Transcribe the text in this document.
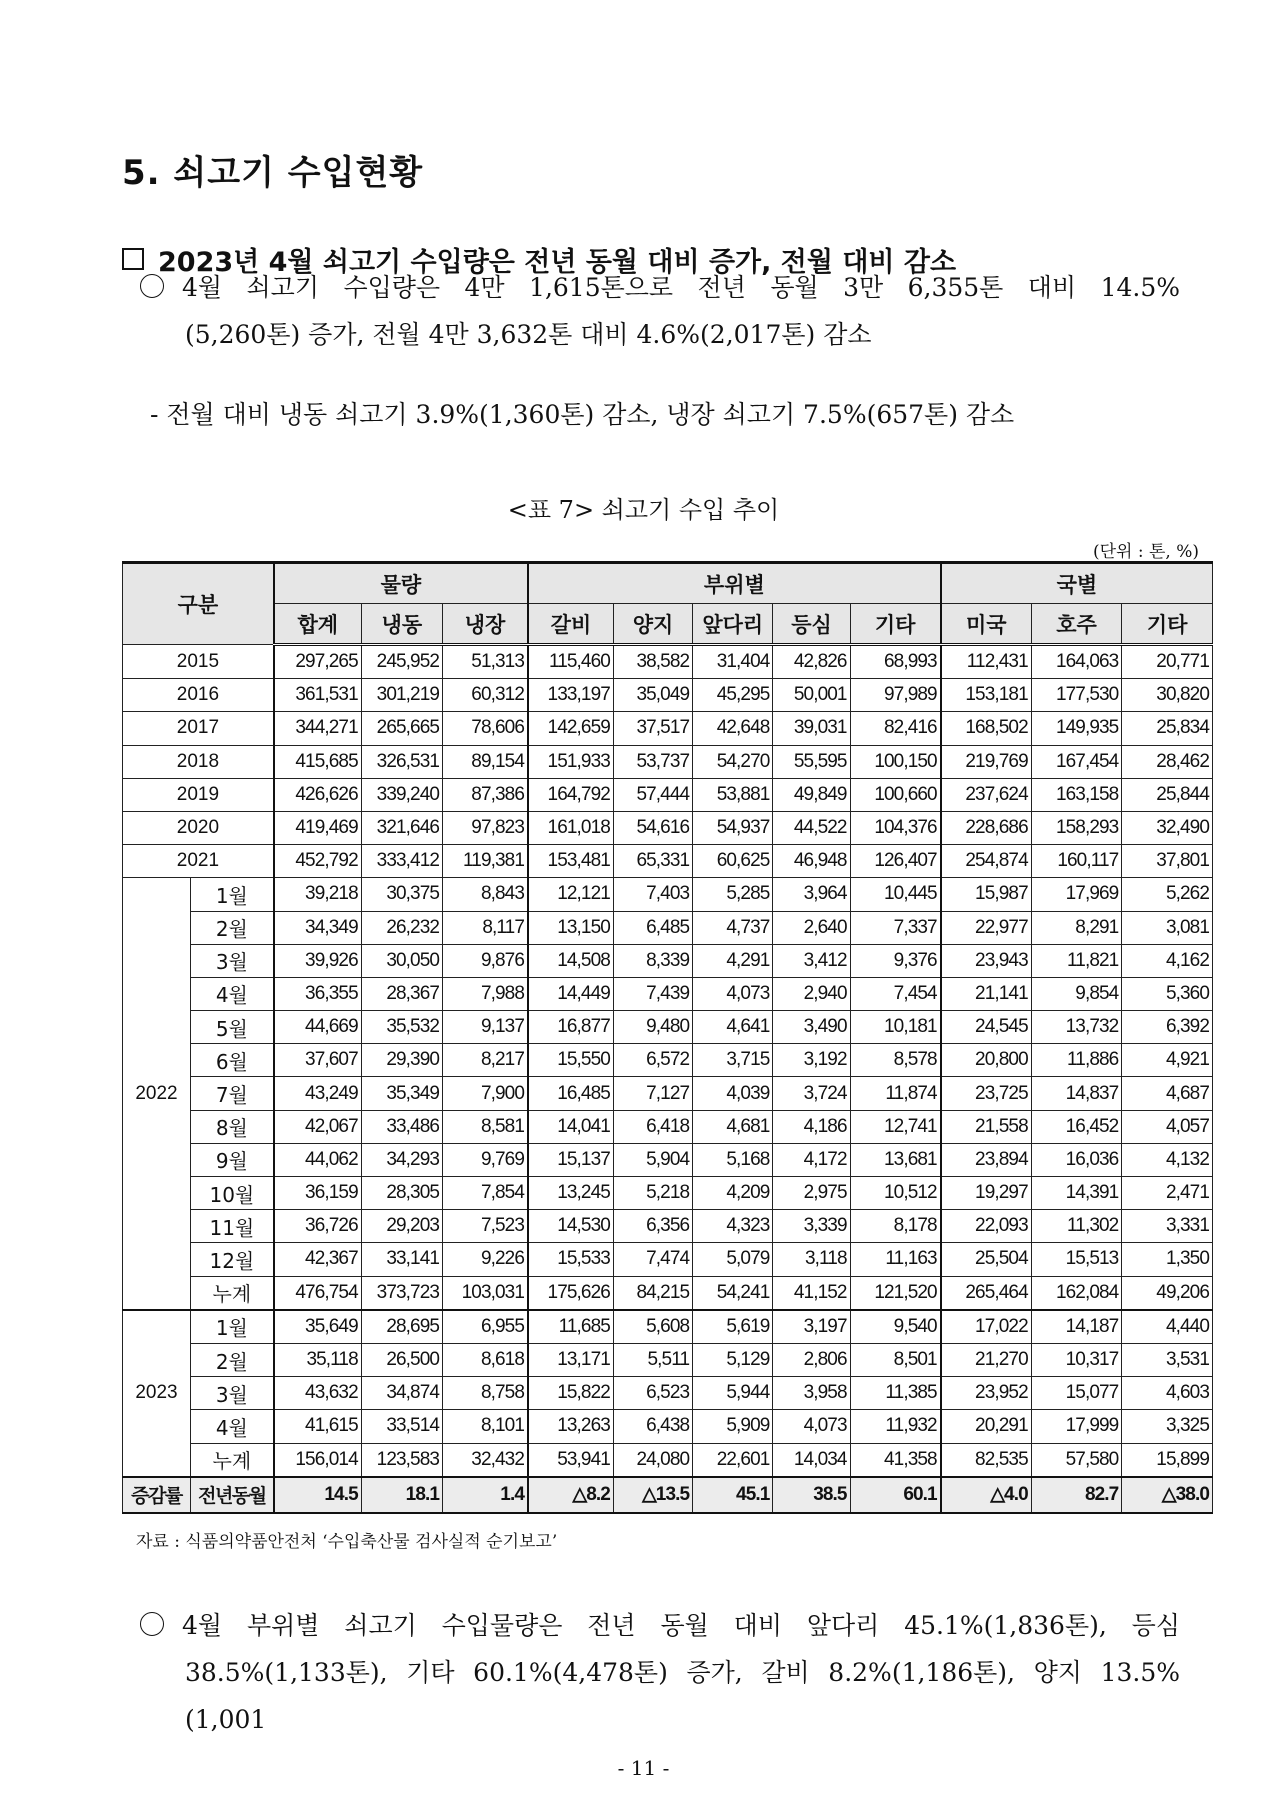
5. 쇠고기 수입현황
2023년 4월 쇠고기 수입량은 전년 동월 대비 증가, 전월 대비 감소
4월 쇠고기 수입량은 4만 1,615톤으로 전년 동월 3만 6,355톤 대비 14.5%
(5,260톤) 증가, 전월 4만 3,632톤 대비 4.6%(2,017톤) 감소
- 전월 대비 냉동 쇠고기 3.9%(1,360톤) 감소, 냉장 쇠고기 7.5%(657톤) 감소
<표 7> 쇠고기 수입 추이
(단위 : 톤, %)
구분		물량			부위별					국별		
		합계	냉동	냉장	갈비	양지	앞다리	등심	기타	미국	호주	기타
2015		297,265	245,952	51,313	115,460	38,582	31,404	42,826	68,993	112,431	164,063	20,771
2016		361,531	301,219	60,312	133,197	35,049	45,295	50,001	97,989	153,181	177,530	30,820
2017		344,271	265,665	78,606	142,659	37,517	42,648	39,031	82,416	168,502	149,935	25,834
2018		415,685	326,531	89,154	151,933	53,737	54,270	55,595	100,150	219,769	167,454	28,462
2019		426,626	339,240	87,386	164,792	57,444	53,881	49,849	100,660	237,624	163,158	25,844
2020		419,469	321,646	97,823	161,018	54,616	54,937	44,522	104,376	228,686	158,293	32,490
2021		452,792	333,412	119,381	153,481	65,331	60,625	46,948	126,407	254,874	160,117	37,801
2022	1월	39,218	30,375	8,843	12,121	7,403	5,285	3,964	10,445	15,987	17,969	5,262
	2월	34,349	26,232	8,117	13,150	6,485	4,737	2,640	7,337	22,977	8,291	3,081
	3월	39,926	30,050	9,876	14,508	8,339	4,291	3,412	9,376	23,943	11,821	4,162
	4월	36,355	28,367	7,988	14,449	7,439	4,073	2,940	7,454	21,141	9,854	5,360
	5월	44,669	35,532	9,137	16,877	9,480	4,641	3,490	10,181	24,545	13,732	6,392
	6월	37,607	29,390	8,217	15,550	6,572	3,715	3,192	8,578	20,800	11,886	4,921
	7월	43,249	35,349	7,900	16,485	7,127	4,039	3,724	11,874	23,725	14,837	4,687
	8월	42,067	33,486	8,581	14,041	6,418	4,681	4,186	12,741	21,558	16,452	4,057
	9월	44,062	34,293	9,769	15,137	5,904	5,168	4,172	13,681	23,894	16,036	4,132
	10월	36,159	28,305	7,854	13,245	5,218	4,209	2,975	10,512	19,297	14,391	2,471
	11월	36,726	29,203	7,523	14,530	6,356	4,323	3,339	8,178	22,093	11,302	3,331
	12월	42,367	33,141	9,226	15,533	7,474	5,079	3,118	11,163	25,504	15,513	1,350
	누계	476,754	373,723	103,031	175,626	84,215	54,241	41,152	121,520	265,464	162,084	49,206
2023	1월	35,649	28,695	6,955	11,685	5,608	5,619	3,197	9,540	17,022	14,187	4,440
	2월	35,118	26,500	8,618	13,171	5,511	5,129	2,806	8,501	21,270	10,317	3,531
	3월	43,632	34,874	8,758	15,822	6,523	5,944	3,958	11,385	23,952	15,077	4,603
	4월	41,615	33,514	8,101	13,263	6,438	5,909	4,073	11,932	20,291	17,999	3,325
	누계	156,014	123,583	32,432	53,941	24,080	22,601	14,034	41,358	82,535	57,580	15,899
증감률	전년동월	14.5	18.1	1.4	△8.2	△13.5	45.1	38.5	60.1	△4.0	82.7	△38.0
자료 : 식품의약품안전처 ‘수입축산물 검사실적 순기보고’
4월 부위별 쇠고기 수입물량은 전년 동월 대비 앞다리 45.1%(1,836톤), 등심
38.5%(1,133톤), 기타 60.1%(4,478톤) 증가, 갈비 8.2%(1,186톤), 양지 13.5%(1,001
- 11 -
